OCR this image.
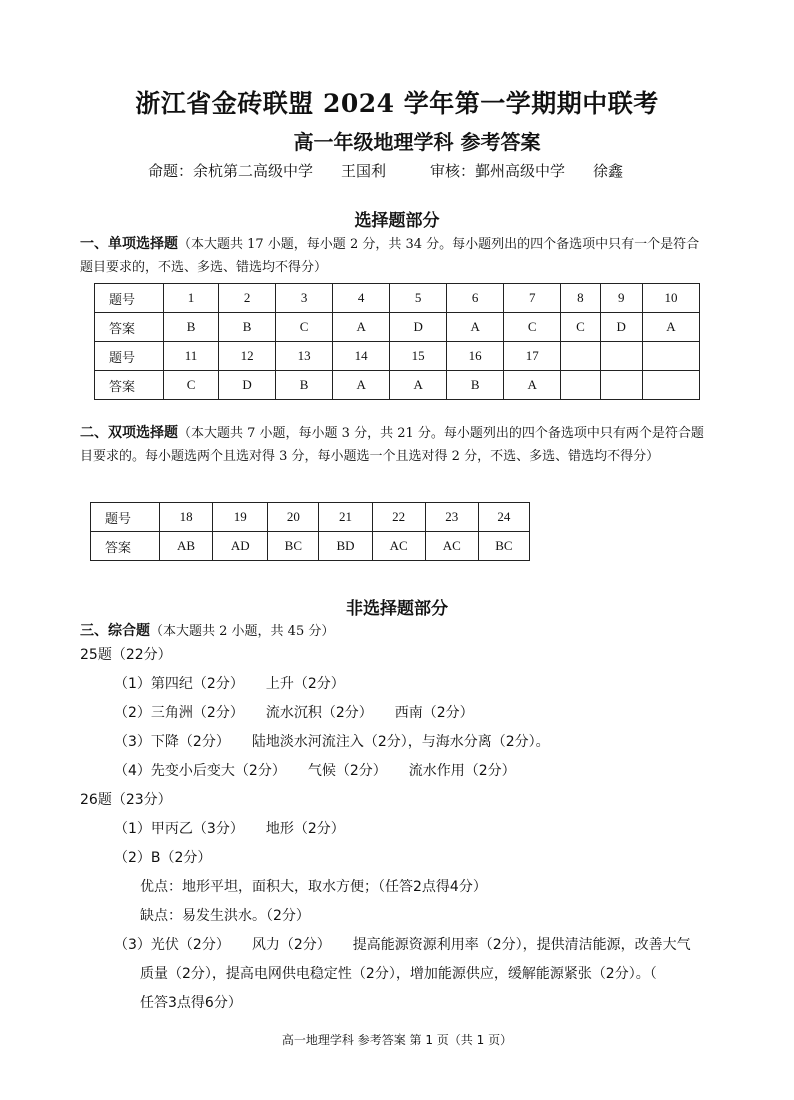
浙江省金砖联盟 2024 学年第一学期期中联考
高一年级地理学科 参考答案
命题：余杭第二高级中学 王国利	审核：鄞州高级中学 徐鑫
选择题部分
一、单项选择题（本大题共 17 小题，每小题 2 分，共 34 分。每小题列出的四个备选项中只有一个是符合题目要求的，不选、多选、错选均不得分）
题号	1	2	3	4	5	6	7	8	9	10
答案	B	B	C	A	D	A	C	C	D	A
题号	11	12	13	14	15	16	17			
答案	C	D	B	A	A	B	A			
二、双项选择题（本大题共 7 小题，每小题 3 分，共 21 分。每小题列出的四个备选项中只有两个是符合题目要求的。每小题选两个且选对得 3 分，每小题选一个且选对得 2 分，不选、多选、错选均不得分）
题号	18	19	20	21	22	23	24
答案	AB	AD	BC	BD	AC	AC	BC
非选择题部分
三、综合题（本大题共 2 小题，共 45 分）
25题（22分）
（1）第四纪（2分） 上升（2分）
（2）三角洲（2分） 流水沉积（2分） 西南（2分）
（3）下降（2分） 陆地淡水河流注入（2分），与海水分离（2分）。
（4）先变小后变大（2分） 气候（2分） 流水作用（2分）
26题（23分）
（1）甲丙乙（3分） 地形（2分）
（2）B（2分）
优点：地形平坦，面积大，取水方便；（任答2点得4分）
缺点：易发生洪水。（2分）
（3）光伏（2分） 风力（2分） 提高能源资源利用率（2分），提供清洁能源，改善大气
质量（2分），提高电网供电稳定性（2分），增加能源供应，缓解能源紧张（2分）。（
任答3点得6分）
高一地理学科 参考答案 第 1 页（共 1 页）
